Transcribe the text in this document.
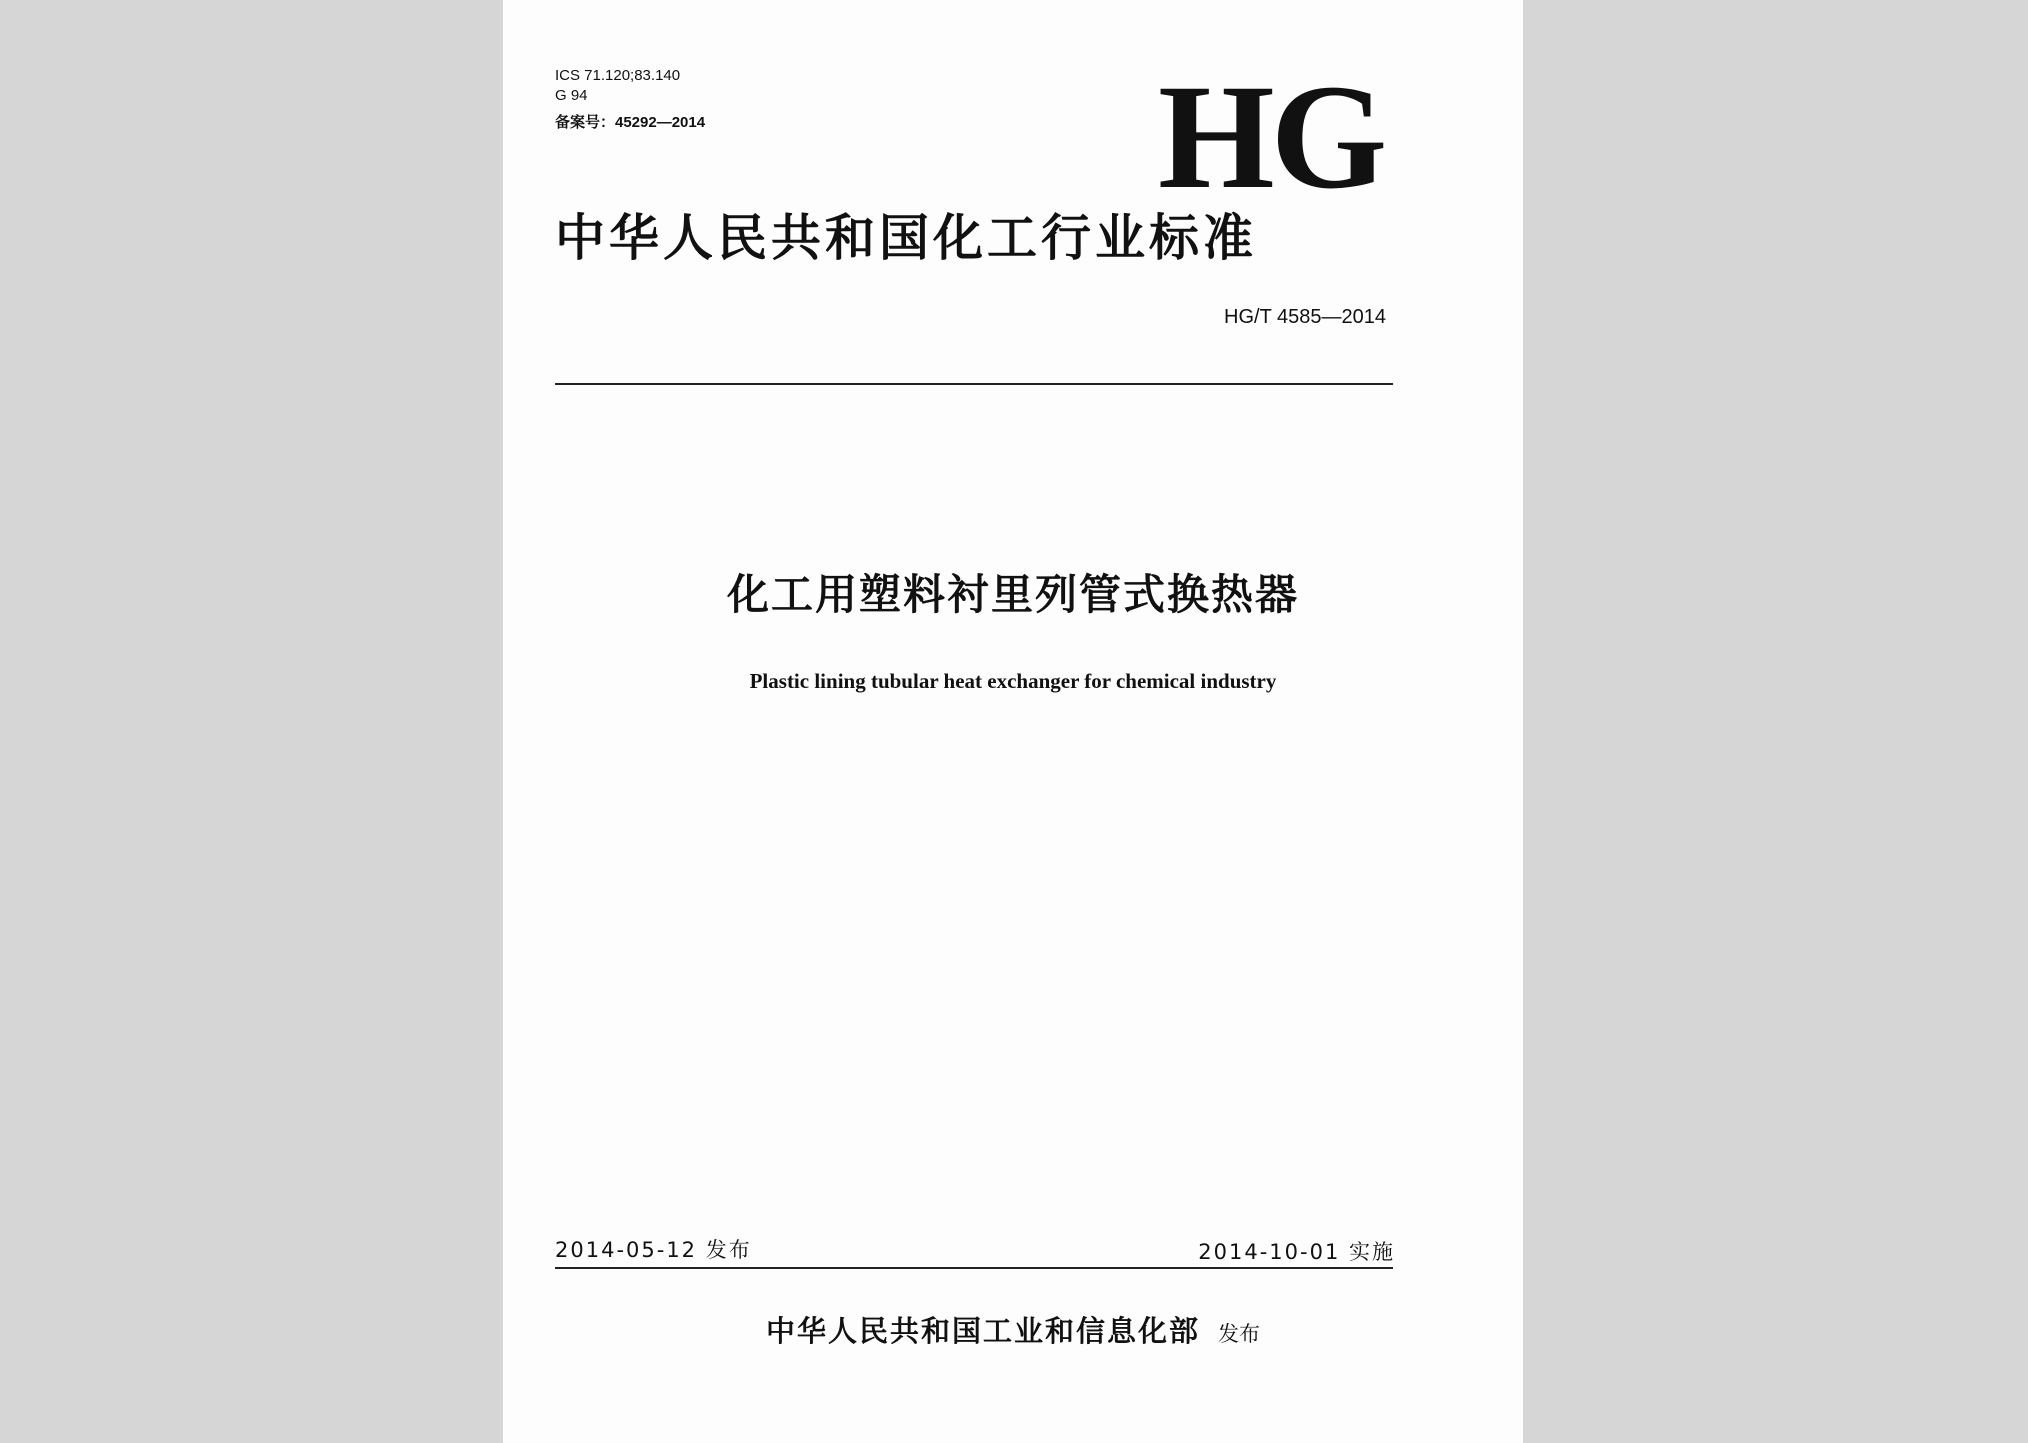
ICS 71.120;83.140

G 94

备案号：45292—2014	HG
中华人民共和国化工行业标准
HG/T 4585—2014
化工用塑料衬里列管式换热器
Plastic lining tubular heat exchanger for chemical industry
2014-05-12 发布	2014-10-01 实施
中华人民共和国工业和信息化部 发布
